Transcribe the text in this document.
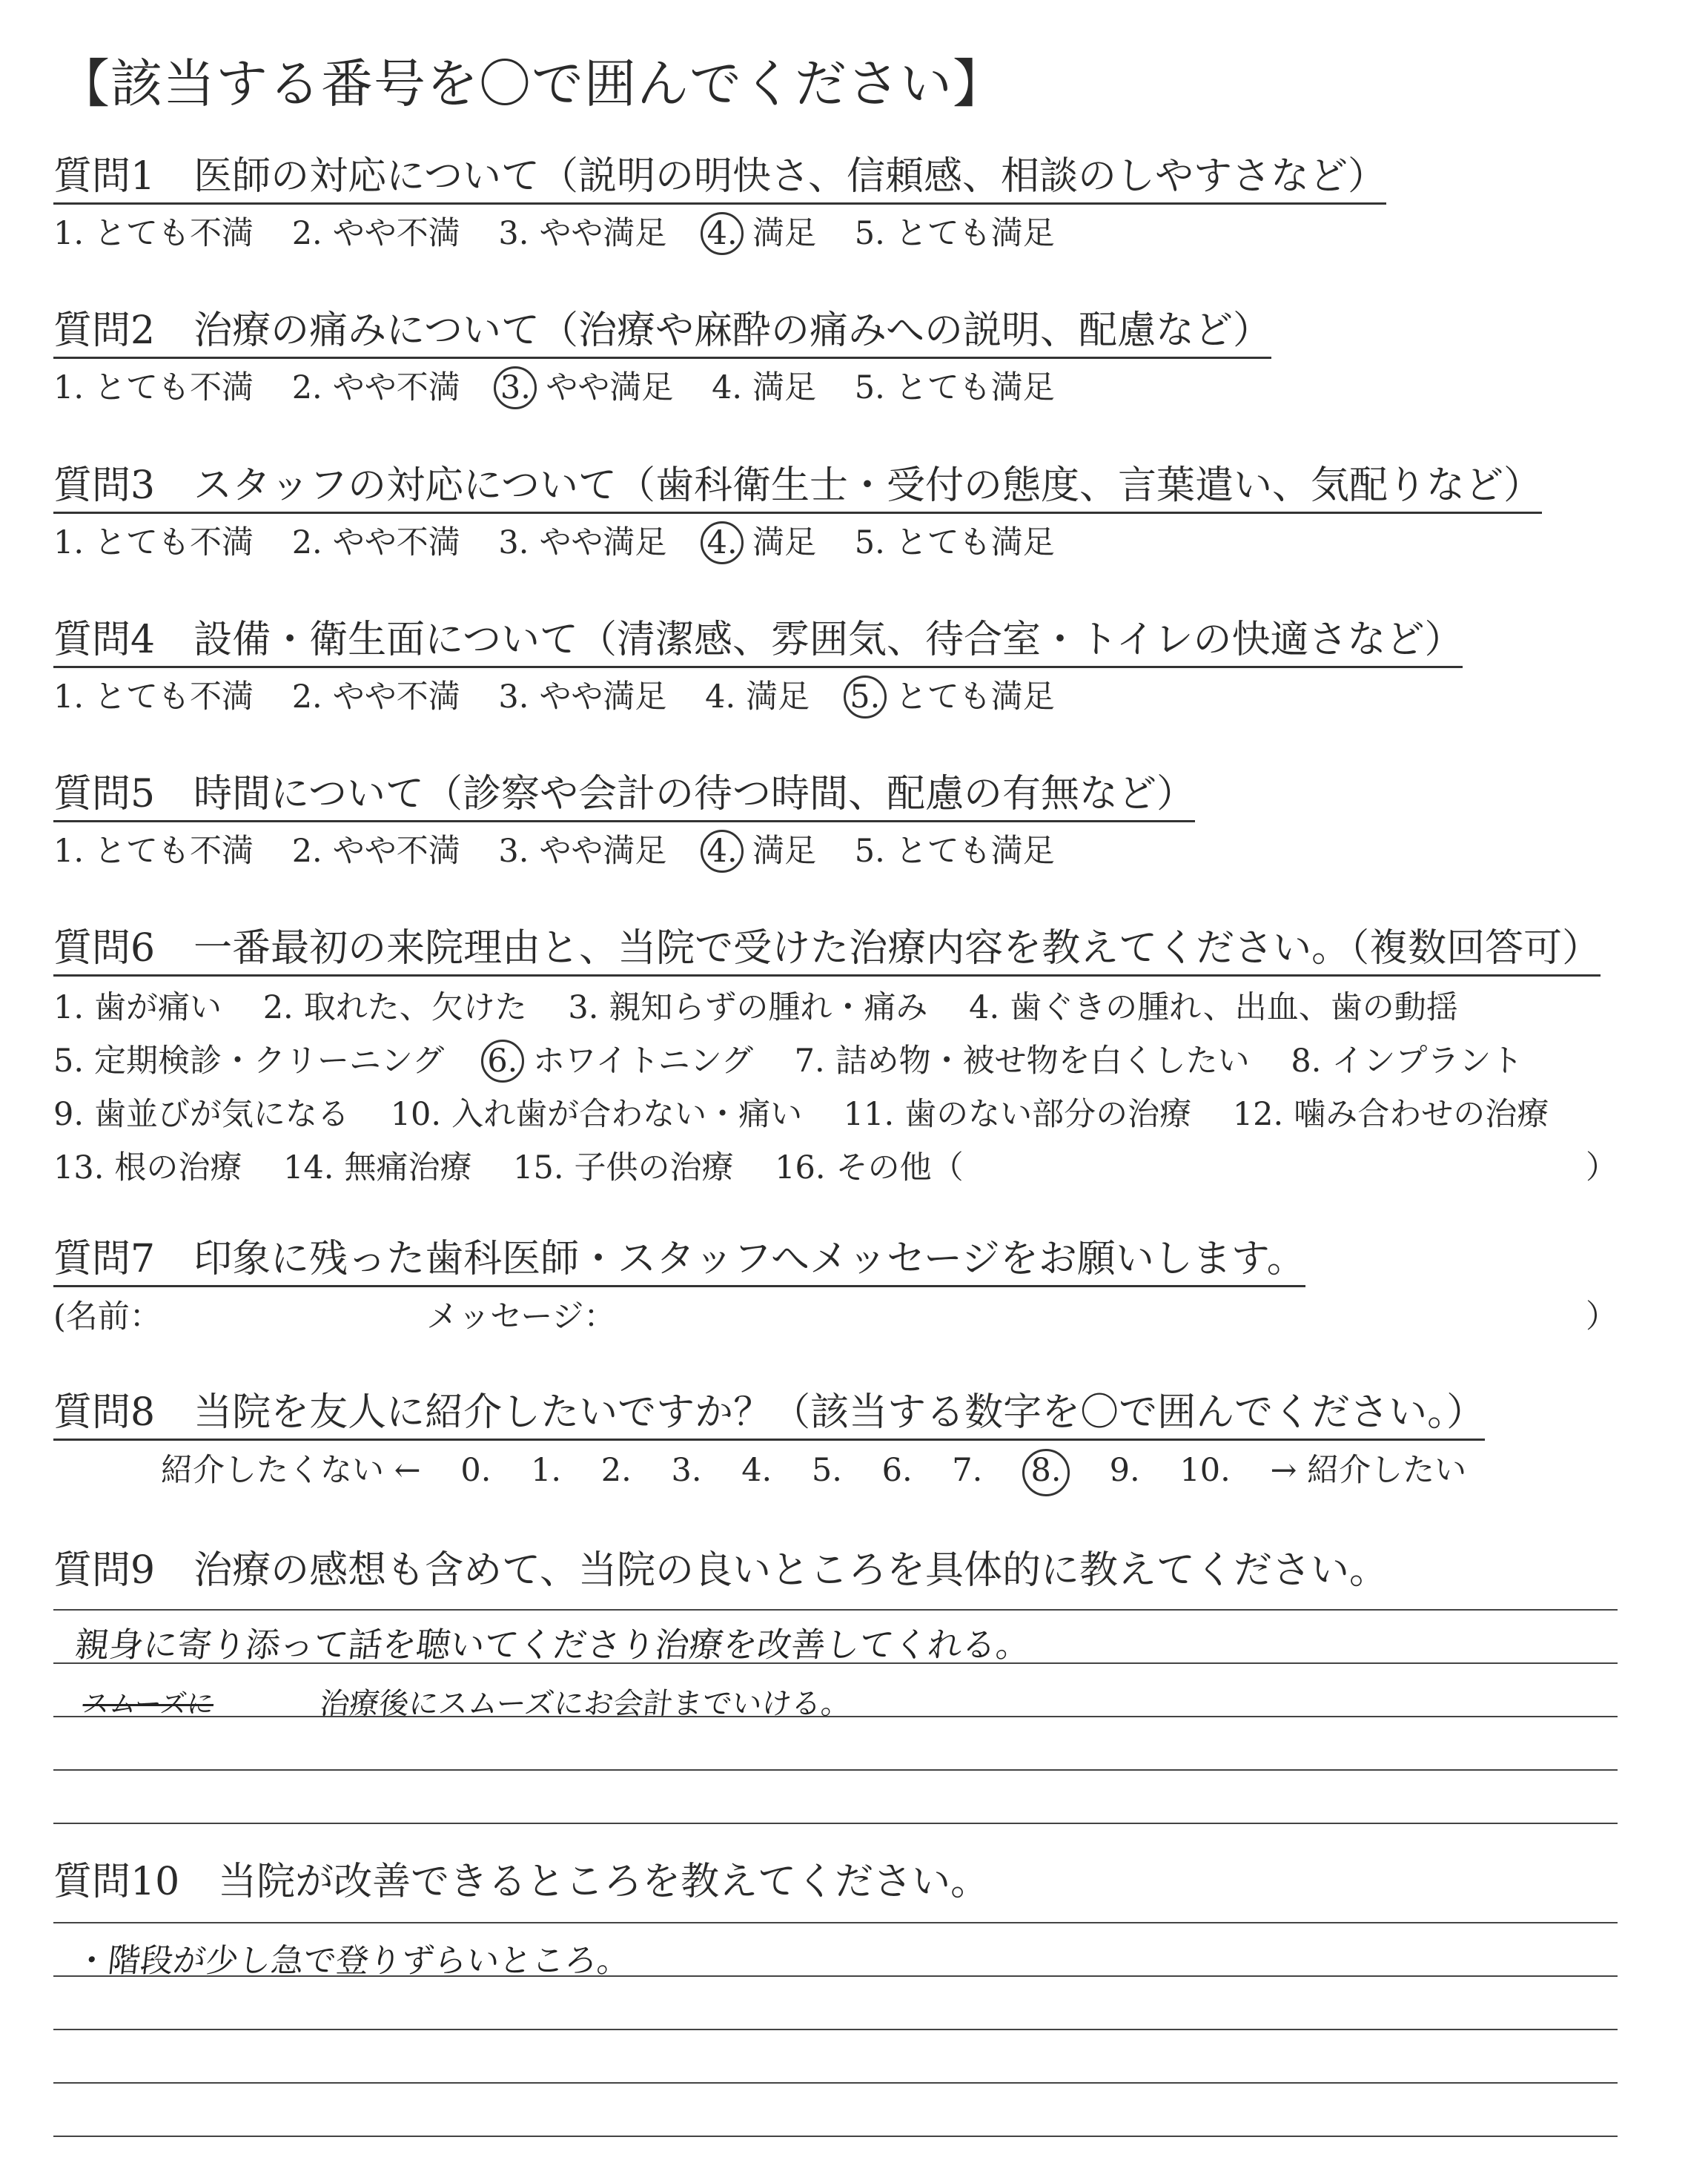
【該当する番号を〇で囲んでください】
質問1　医師の対応について（説明の明快さ、信頼感、相談のしやすさなど）
1. とても不満 2. やや不満 3. やや満足 4. 満足 5. とても満足
質問2　治療の痛みについて（治療や麻酔の痛みへの説明、配慮など）
1. とても不満 2. やや不満 3. やや満足 4. 満足 5. とても満足
質問3　スタッフの対応について（歯科衛生士・受付の態度、言葉遣い、気配りなど）
1. とても不満 2. やや不満 3. やや満足 4. 満足 5. とても満足
質問4　設備・衛生面について（清潔感、雰囲気、待合室・トイレの快適さなど）
1. とても不満 2. やや不満 3. やや満足 4. 満足 5. とても満足
質問5　時間について（診察や会計の待つ時間、配慮の有無など）
1. とても不満 2. やや不満 3. やや満足 4. 満足 5. とても満足
質問6　一番最初の来院理由と、当院で受けた治療内容を教えてください。（複数回答可）
1. 歯が痛い 2. 取れた、欠けた 3. 親知らずの腫れ・痛み 4. 歯ぐきの腫れ、出血、歯の動揺
5. 定期検診・クリーニング 6. ホワイトニング 7. 詰め物・被せ物を白くしたい 8. インプラント
9. 歯並びが気になる 10. 入れ歯が合わない・痛い 11. 歯のない部分の治療 12. 噛み合わせの治療
13. 根の治療 14. 無痛治療 15. 子供の治療 16. その他（	）
質問7　印象に残った歯科医師・スタッフへメッセージをお願いします。
(名前：	メッセージ：	）
質問8　当院を友人に紹介したいですか？（該当する数字を〇で囲んでください。）
紹介したくない ← 0. 1. 2. 3. 4. 5. 6. 7. 8. 9. 10. → 紹介したい
質問9　治療の感想も含めて、当院の良いところを具体的に教えてください。
親身に寄り添って話を聴いてくださり治療を改善してくれる。
スムーズに	治療後にスムーズにお会計までいける。
質問10　当院が改善できるところを教えてください。
・階段が少し急で登りずらいところ。
